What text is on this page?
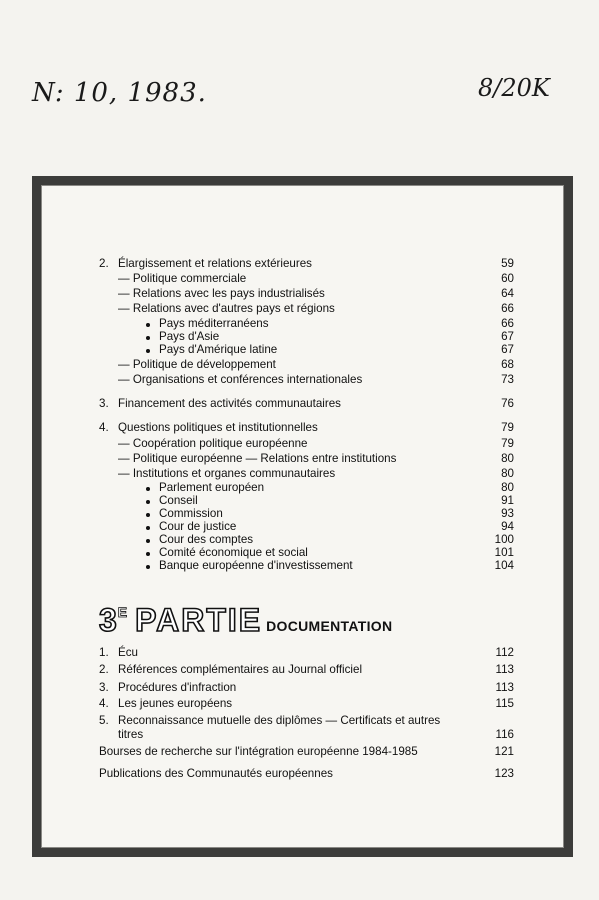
N: 10, 1983.	8/20K
2. Élargissement et relations extérieures	59
— Politique commerciale	60
— Relations avec les pays industrialisés	64
— Relations avec d'autres pays et régions	66
Pays méditerranéens	66
Pays d'Asie	67
Pays d'Amérique latine	67
— Politique de développement	68
— Organisations et conférences internationales	73
3. Financement des activités communautaires	76
4. Questions politiques et institutionnelles	79
— Coopération politique européenne	79
— Politique européenne — Relations entre institutions	80
— Institutions et organes communautaires	80
Parlement européen	80
Conseil	91
Commission	93
Cour de justice	94
Cour des comptes	100
Comité économique et social	101
Banque européenne d'investissement	104
3E PARTIE DOCUMENTATION
1. Écu	112
2. Références complémentaires au Journal officiel	113
3. Procédures d'infraction	113
4. Les jeunes européens	115
5. Reconnaissance mutuelle des diplômes — Certificats et autres
titres	116
Bourses de recherche sur l'intégration européenne 1984-1985	121
Publications des Communautés européennes	123
